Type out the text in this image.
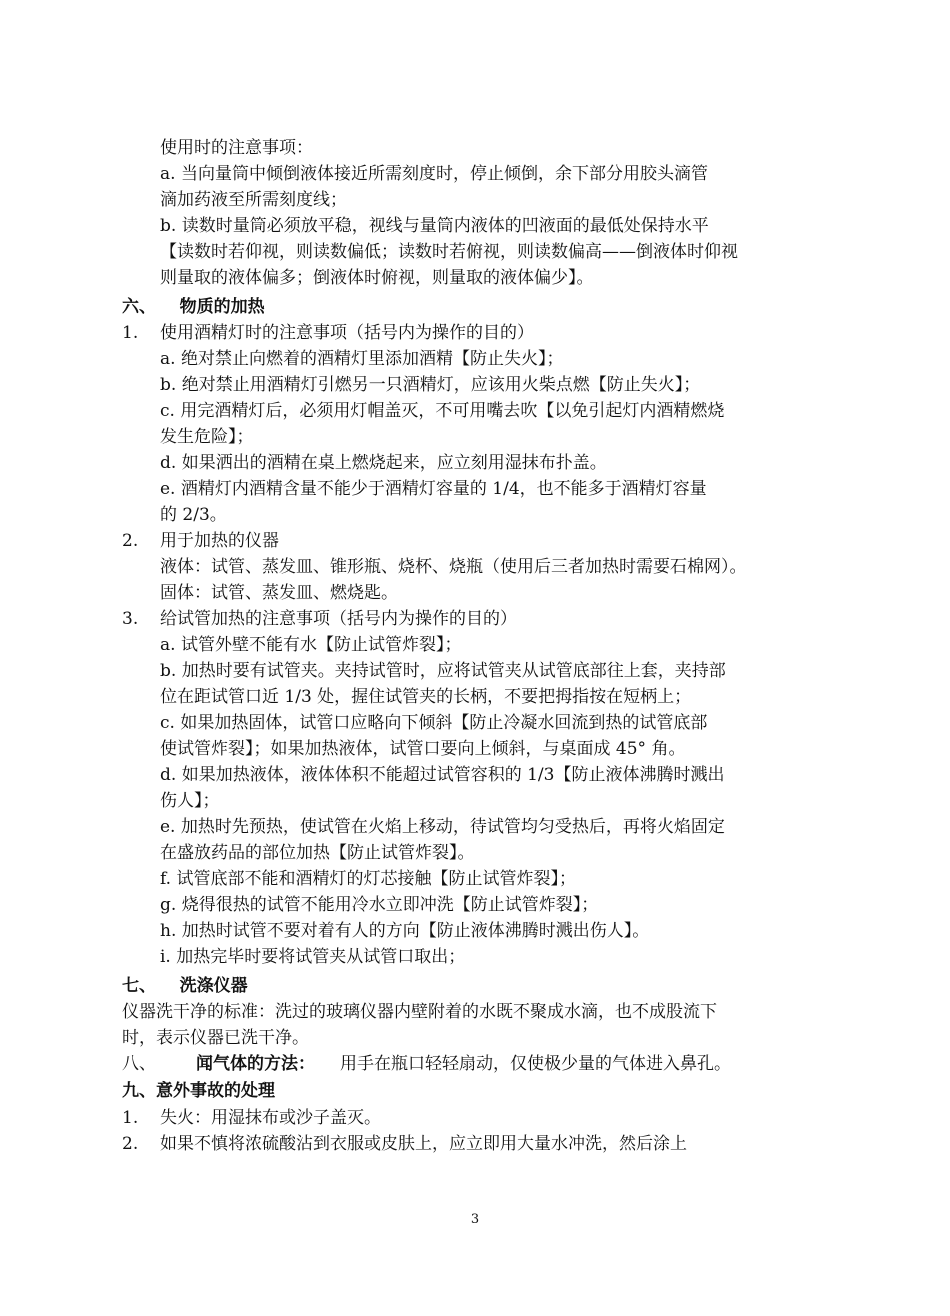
使用时的注意事项：
a. 当向量筒中倾倒液体接近所需刻度时，停止倾倒，余下部分用胶头滴管
滴加药液至所需刻度线；
b. 读数时量筒必须放平稳，视线与量筒内液体的凹液面的最低处保持水平
【读数时若仰视，则读数偏低；读数时若俯视，则读数偏高——倒液体时仰视
则量取的液体偏多；倒液体时俯视，则量取的液体偏少】。
六、    物质的加热
1. 使用酒精灯时的注意事项（括号内为操作的目的）
a. 绝对禁止向燃着的酒精灯里添加酒精【防止失火】；
b. 绝对禁止用酒精灯引燃另一只酒精灯，应该用火柴点燃【防止失火】；
c. 用完酒精灯后，必须用灯帽盖灭，不可用嘴去吹【以免引起灯内酒精燃烧
发生危险】；
d. 如果洒出的酒精在桌上燃烧起来，应立刻用湿抹布扑盖。
e. 酒精灯内酒精含量不能少于酒精灯容量的 1/4，也不能多于酒精灯容量
的 2/3。
2. 用于加热的仪器
液体：试管、蒸发皿、锥形瓶、烧杯、烧瓶（使用后三者加热时需要石棉网）。
固体：试管、蒸发皿、燃烧匙。
3. 给试管加热的注意事项（括号内为操作的目的）
a. 试管外壁不能有水【防止试管炸裂】；
b. 加热时要有试管夹。夹持试管时，应将试管夹从试管底部往上套，夹持部
位在距试管口近 1/3 处，握住试管夹的长柄，不要把拇指按在短柄上；
c. 如果加热固体，试管口应略向下倾斜【防止冷凝水回流到热的试管底部
使试管炸裂】；如果加热液体，试管口要向上倾斜，与桌面成 45° 角。
d. 如果加热液体，液体体积不能超过试管容积的 1/3【防止液体沸腾时溅出
伤人】；
e. 加热时先预热，使试管在火焰上移动，待试管均匀受热后，再将火焰固定
在盛放药品的部位加热【防止试管炸裂】。
f. 试管底部不能和酒精灯的灯芯接触【防止试管炸裂】；
g. 烧得很热的试管不能用冷水立即冲洗【防止试管炸裂】；
h. 加热时试管不要对着有人的方向【防止液体沸腾时溅出伤人】。
i. 加热完毕时要将试管夹从试管口取出；
七、    洗涤仪器
仪器洗干净的标准：洗过的玻璃仪器内壁附着的水既不聚成水滴，也不成股流下
时，表示仪器已洗干净。
八、 闻气体的方法： 用手在瓶口轻轻扇动，仅使极少量的气体进入鼻孔。
九、意外事故的处理
1. 失火：用湿抹布或沙子盖灭。
2. 如果不慎将浓硫酸沾到衣服或皮肤上，应立即用大量水冲洗，然后涂上
3
